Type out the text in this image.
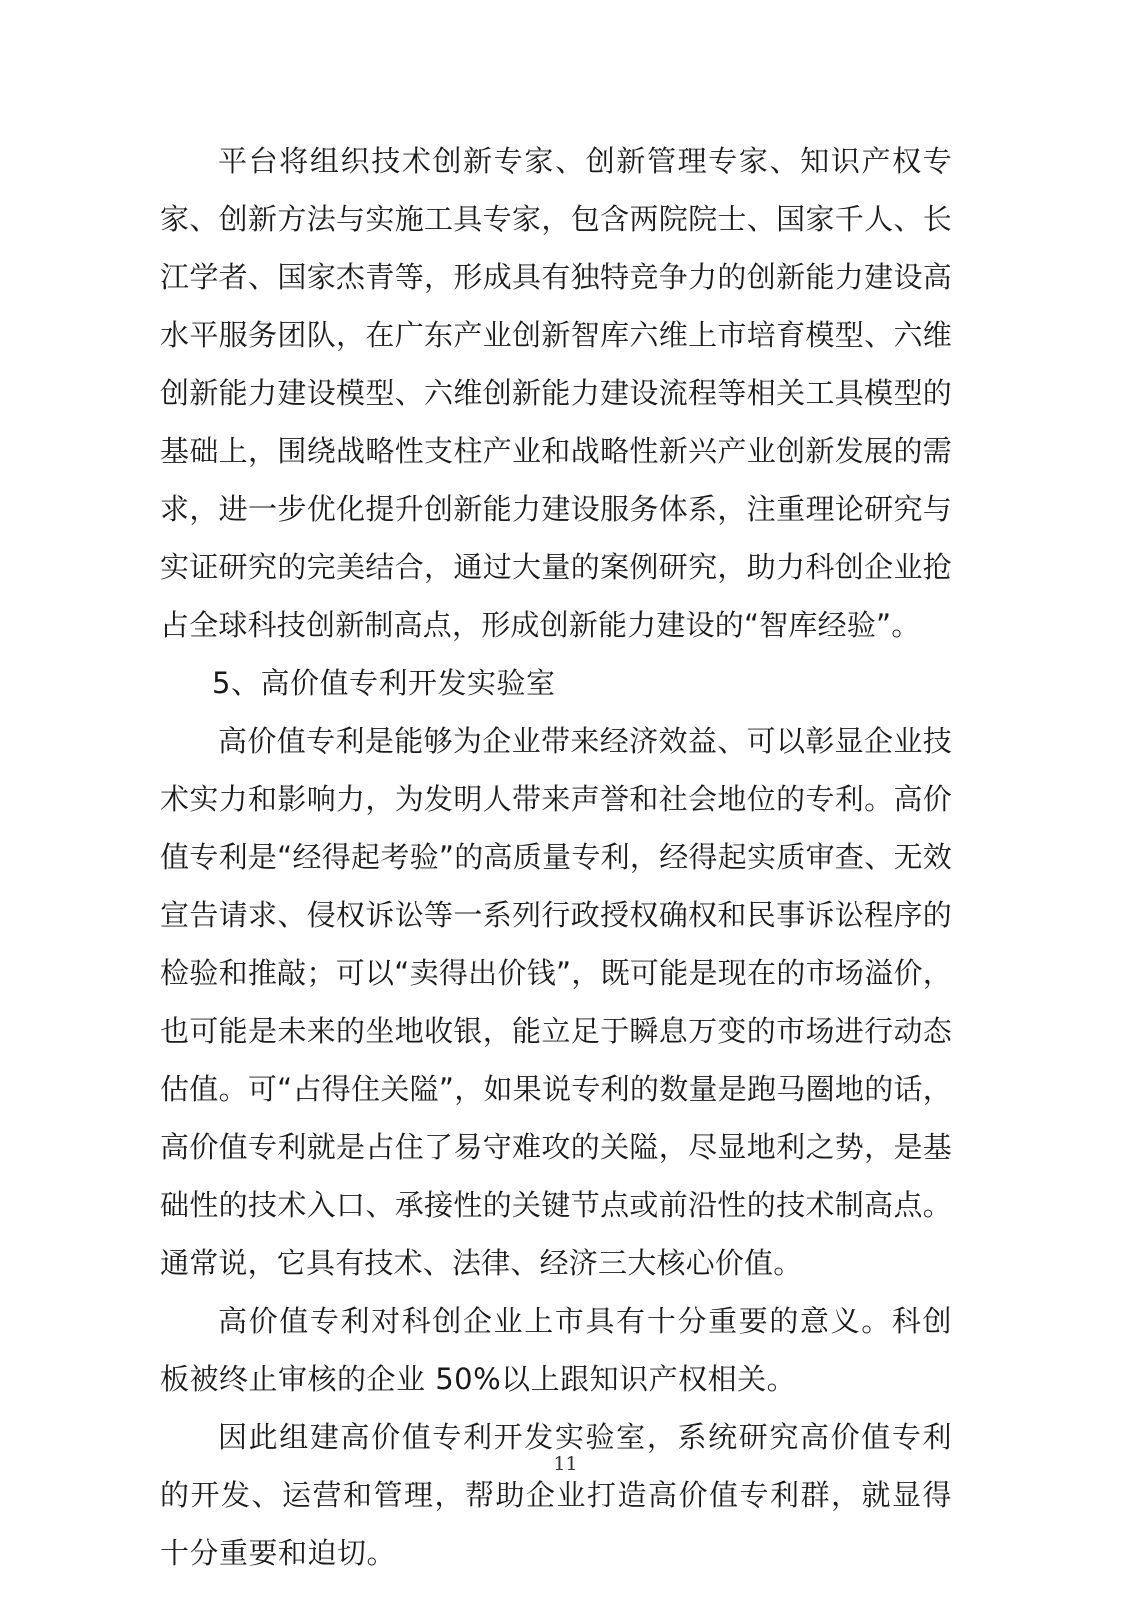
平台将组织技术创新专家、创新管理专家、知识产权专家、创新方法与实施工具专家，包含两院院士、国家千人、长江学者、国家杰青等，形成具有独特竞争力的创新能力建设高水平服务团队，在广东产业创新智库六维上市培育模型、六维创新能力建设模型、六维创新能力建设流程等相关工具模型的基础上，围绕战略性支柱产业和战略性新兴产业创新发展的需求，进一步优化提升创新能力建设服务体系，注重理论研究与实证研究的完美结合，通过大量的案例研究，助力科创企业抢占全球科技创新制高点，形成创新能力建设的“智库经验”。

5、高价值专利开发实验室

高价值专利是能够为企业带来经济效益、可以彰显企业技术实力和影响力，为发明人带来声誉和社会地位的专利。高价值专利是“经得起考验”的高质量专利，经得起实质审查、无效宣告请求、侵权诉讼等一系列行政授权确权和民事诉讼程序的检验和推敲；可以“卖得出价钱”，既可能是现在的市场溢价，也可能是未来的坐地收银，能立足于瞬息万变的市场进行动态估值。可“占得住关隘”，如果说专利的数量是跑马圈地的话，高价值专利就是占住了易守难攻的关隘，尽显地利之势，是基础性的技术入口、承接性的关键节点或前沿性的技术制高点。通常说，它具有技术、法律、经济三大核心价值。

高价值专利对科创企业上市具有十分重要的意义。科创板被终止审核的企业 50%以上跟知识产权相关。

因此组建高价值专利开发实验室，系统研究高价值专利的开发、运营和管理，帮助企业打造高价值专利群，就显得十分重要和迫切。

11
